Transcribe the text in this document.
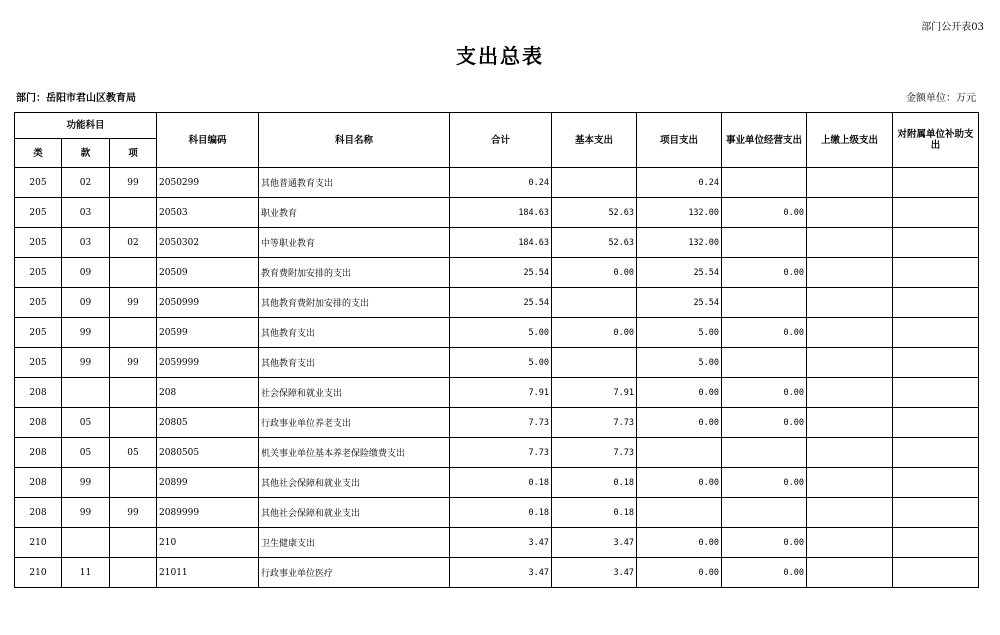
部门公开表03
支出总表
部门：岳阳市君山区教育局	金额单位：万元
功能科目			科目编码	科目名称	合计	基本支出	项目支出	事业单位经营支出	上缴上级支出	对附属单位补助支出
类	款	项								
205	02	99	2050299	其他普通教育支出	0.24		0.24			
205	03		20503	职业教育	184.63	52.63	132.00	0.00		
205	03	02	2050302	中等职业教育	184.63	52.63	132.00			
205	09		20509	教育费附加安排的支出	25.54	0.00	25.54	0.00		
205	09	99	2050999	其他教育费附加安排的支出	25.54		25.54			
205	99		20599	其他教育支出	5.00	0.00	5.00	0.00		
205	99	99	2059999	其他教育支出	5.00		5.00			
208			208	社会保障和就业支出	7.91	7.91	0.00	0.00		
208	05		20805	行政事业单位养老支出	7.73	7.73	0.00	0.00		
208	05	05	2080505	机关事业单位基本养老保险缴费支出	7.73	7.73				
208	99		20899	其他社会保障和就业支出	0.18	0.18	0.00	0.00		
208	99	99	2089999	其他社会保障和就业支出	0.18	0.18				
210			210	卫生健康支出	3.47	3.47	0.00	0.00		
210	11		21011	行政事业单位医疗	3.47	3.47	0.00	0.00		
